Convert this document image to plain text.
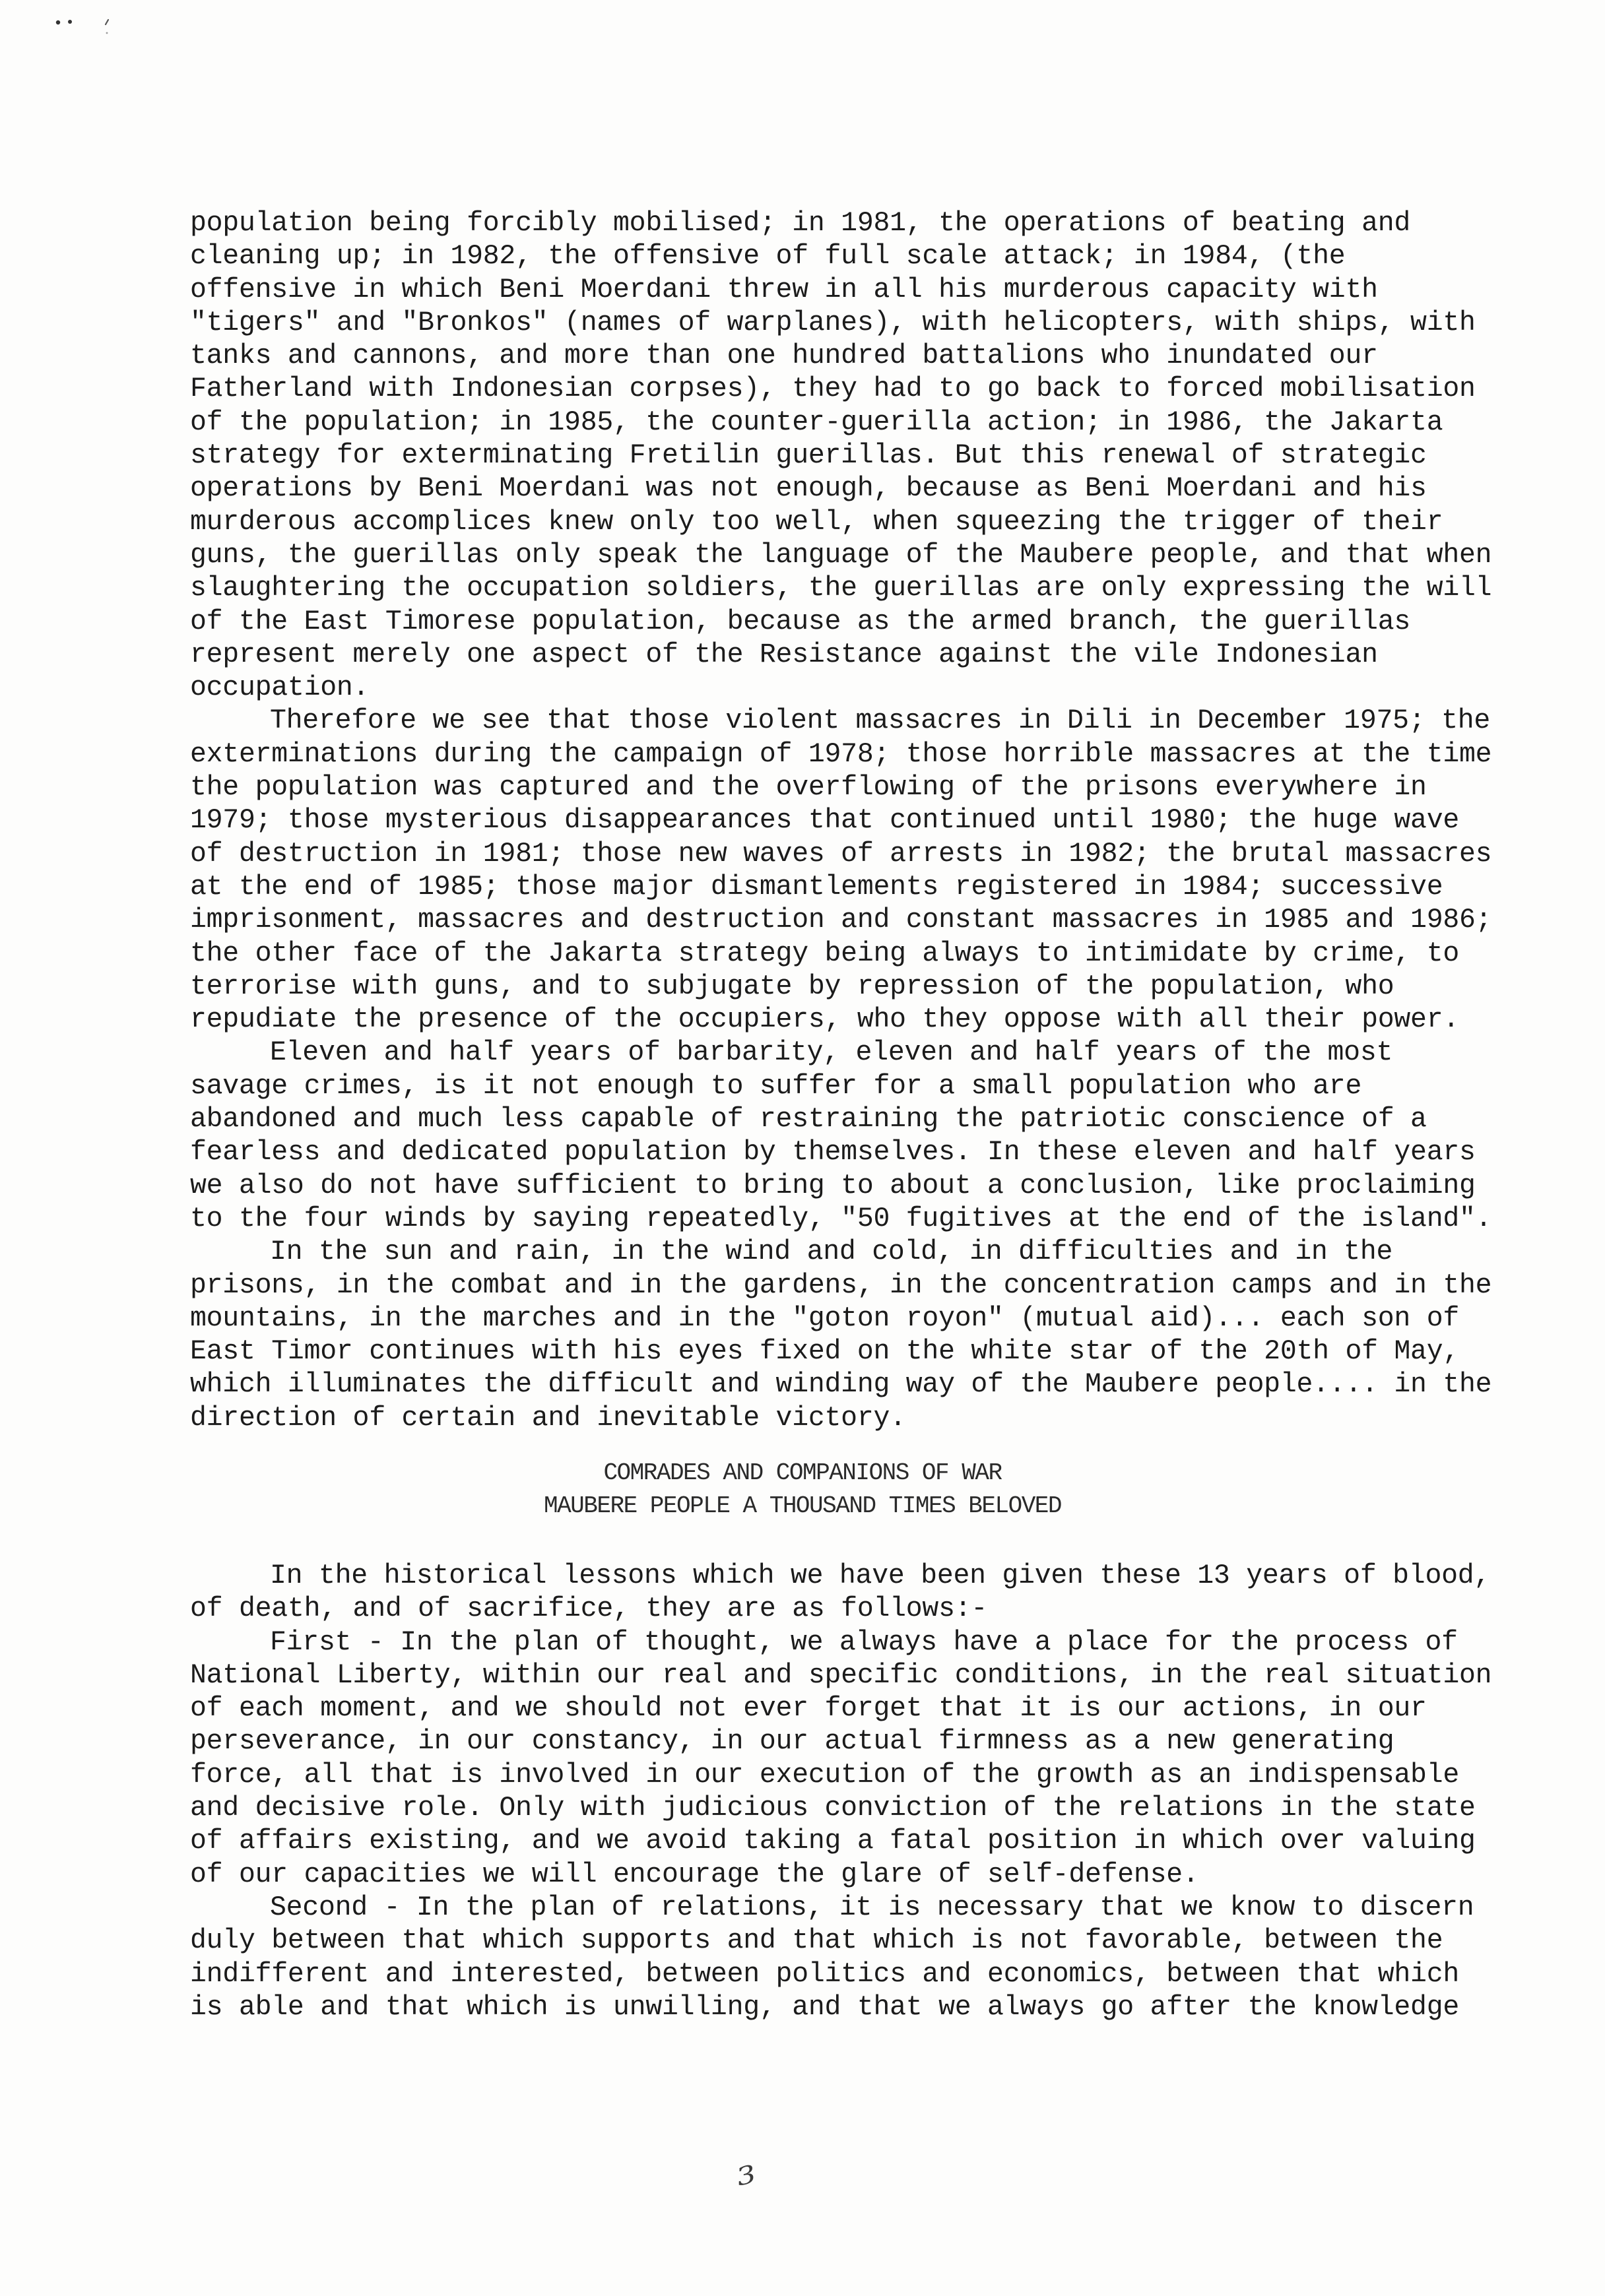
population being forcibly mobilised; in 1981, the operations of beating and
cleaning up; in 1982, the offensive of full scale attack; in 1984, (the
offensive in which Beni Moerdani threw in all his murderous capacity with
"tigers" and "Bronkos" (names of warplanes), with helicopters, with ships, with
tanks and cannons, and more than one hundred battalions who inundated our
Fatherland with Indonesian corpses), they had to go back to forced mobilisation
of the population; in 1985, the counter-guerilla action; in 1986, the Jakarta
strategy for exterminating Fretilin guerillas. But this renewal of strategic
operations by Beni Moerdani was not enough, because as Beni Moerdani and his
murderous accomplices knew only too well, when squeezing the trigger of their
guns, the guerillas only speak the language of the Maubere people, and that when
slaughtering the occupation soldiers, the guerillas are only expressing the will
of the East Timorese population, because as the armed branch, the guerillas
represent merely one aspect of the Resistance against the vile Indonesian
occupation.
Therefore we see that those violent massacres in Dili in December 1975; the
exterminations during the campaign of 1978; those horrible massacres at the time
the population was captured and the overflowing of the prisons everywhere in
1979; those mysterious disappearances that continued until 1980; the huge wave
of destruction in 1981; those new waves of arrests in 1982; the brutal massacres
at the end of 1985; those major dismantlements registered in 1984; successive
imprisonment, massacres and destruction and constant massacres in 1985 and 1986;
the other face of the Jakarta strategy being always to intimidate by crime, to
terrorise with guns, and to subjugate by repression of the population, who
repudiate the presence of the occupiers, who they oppose with all their power.
Eleven and half years of barbarity, eleven and half years of the most
savage crimes, is it not enough to suffer for a small population who are
abandoned and much less capable of restraining the patriotic conscience of a
fearless and dedicated population by themselves. In these eleven and half years
we also do not have sufficient to bring to about a conclusion, like proclaiming
to the four winds by saying repeatedly, "50 fugitives at the end of the island".
In the sun and rain, in the wind and cold, in difficulties and in the
prisons, in the combat and in the gardens, in the concentration camps and in the
mountains, in the marches and in the "goton royon" (mutual aid)... each son of
East Timor continues with his eyes fixed on the white star of the 20th of May,
which illuminates the difficult and winding way of the Maubere people.... in the
direction of certain and inevitable victory.
COMRADES AND COMPANIONS OF WAR
MAUBERE PEOPLE A THOUSAND TIMES BELOVED
In the historical lessons which we have been given these 13 years of blood,
of death, and of sacrifice, they are as follows:-
First - In the plan of thought, we always have a place for the process of
National Liberty, within our real and specific conditions, in the real situation
of each moment, and we should not ever forget that it is our actions, in our
perseverance, in our constancy, in our actual firmness as a new generating
force, all that is involved in our execution of the growth as an indispensable
and decisive role. Only with judicious conviction of the relations in the state
of affairs existing, and we avoid taking a fatal position in which over valuing
of our capacities we will encourage the glare of self-defense.
Second - In the plan of relations, it is necessary that we know to discern
duly between that which supports and that which is not favorable, between the
indifferent and interested, between politics and economics, between that which
is able and that which is unwilling, and that we always go after the knowledge
3
